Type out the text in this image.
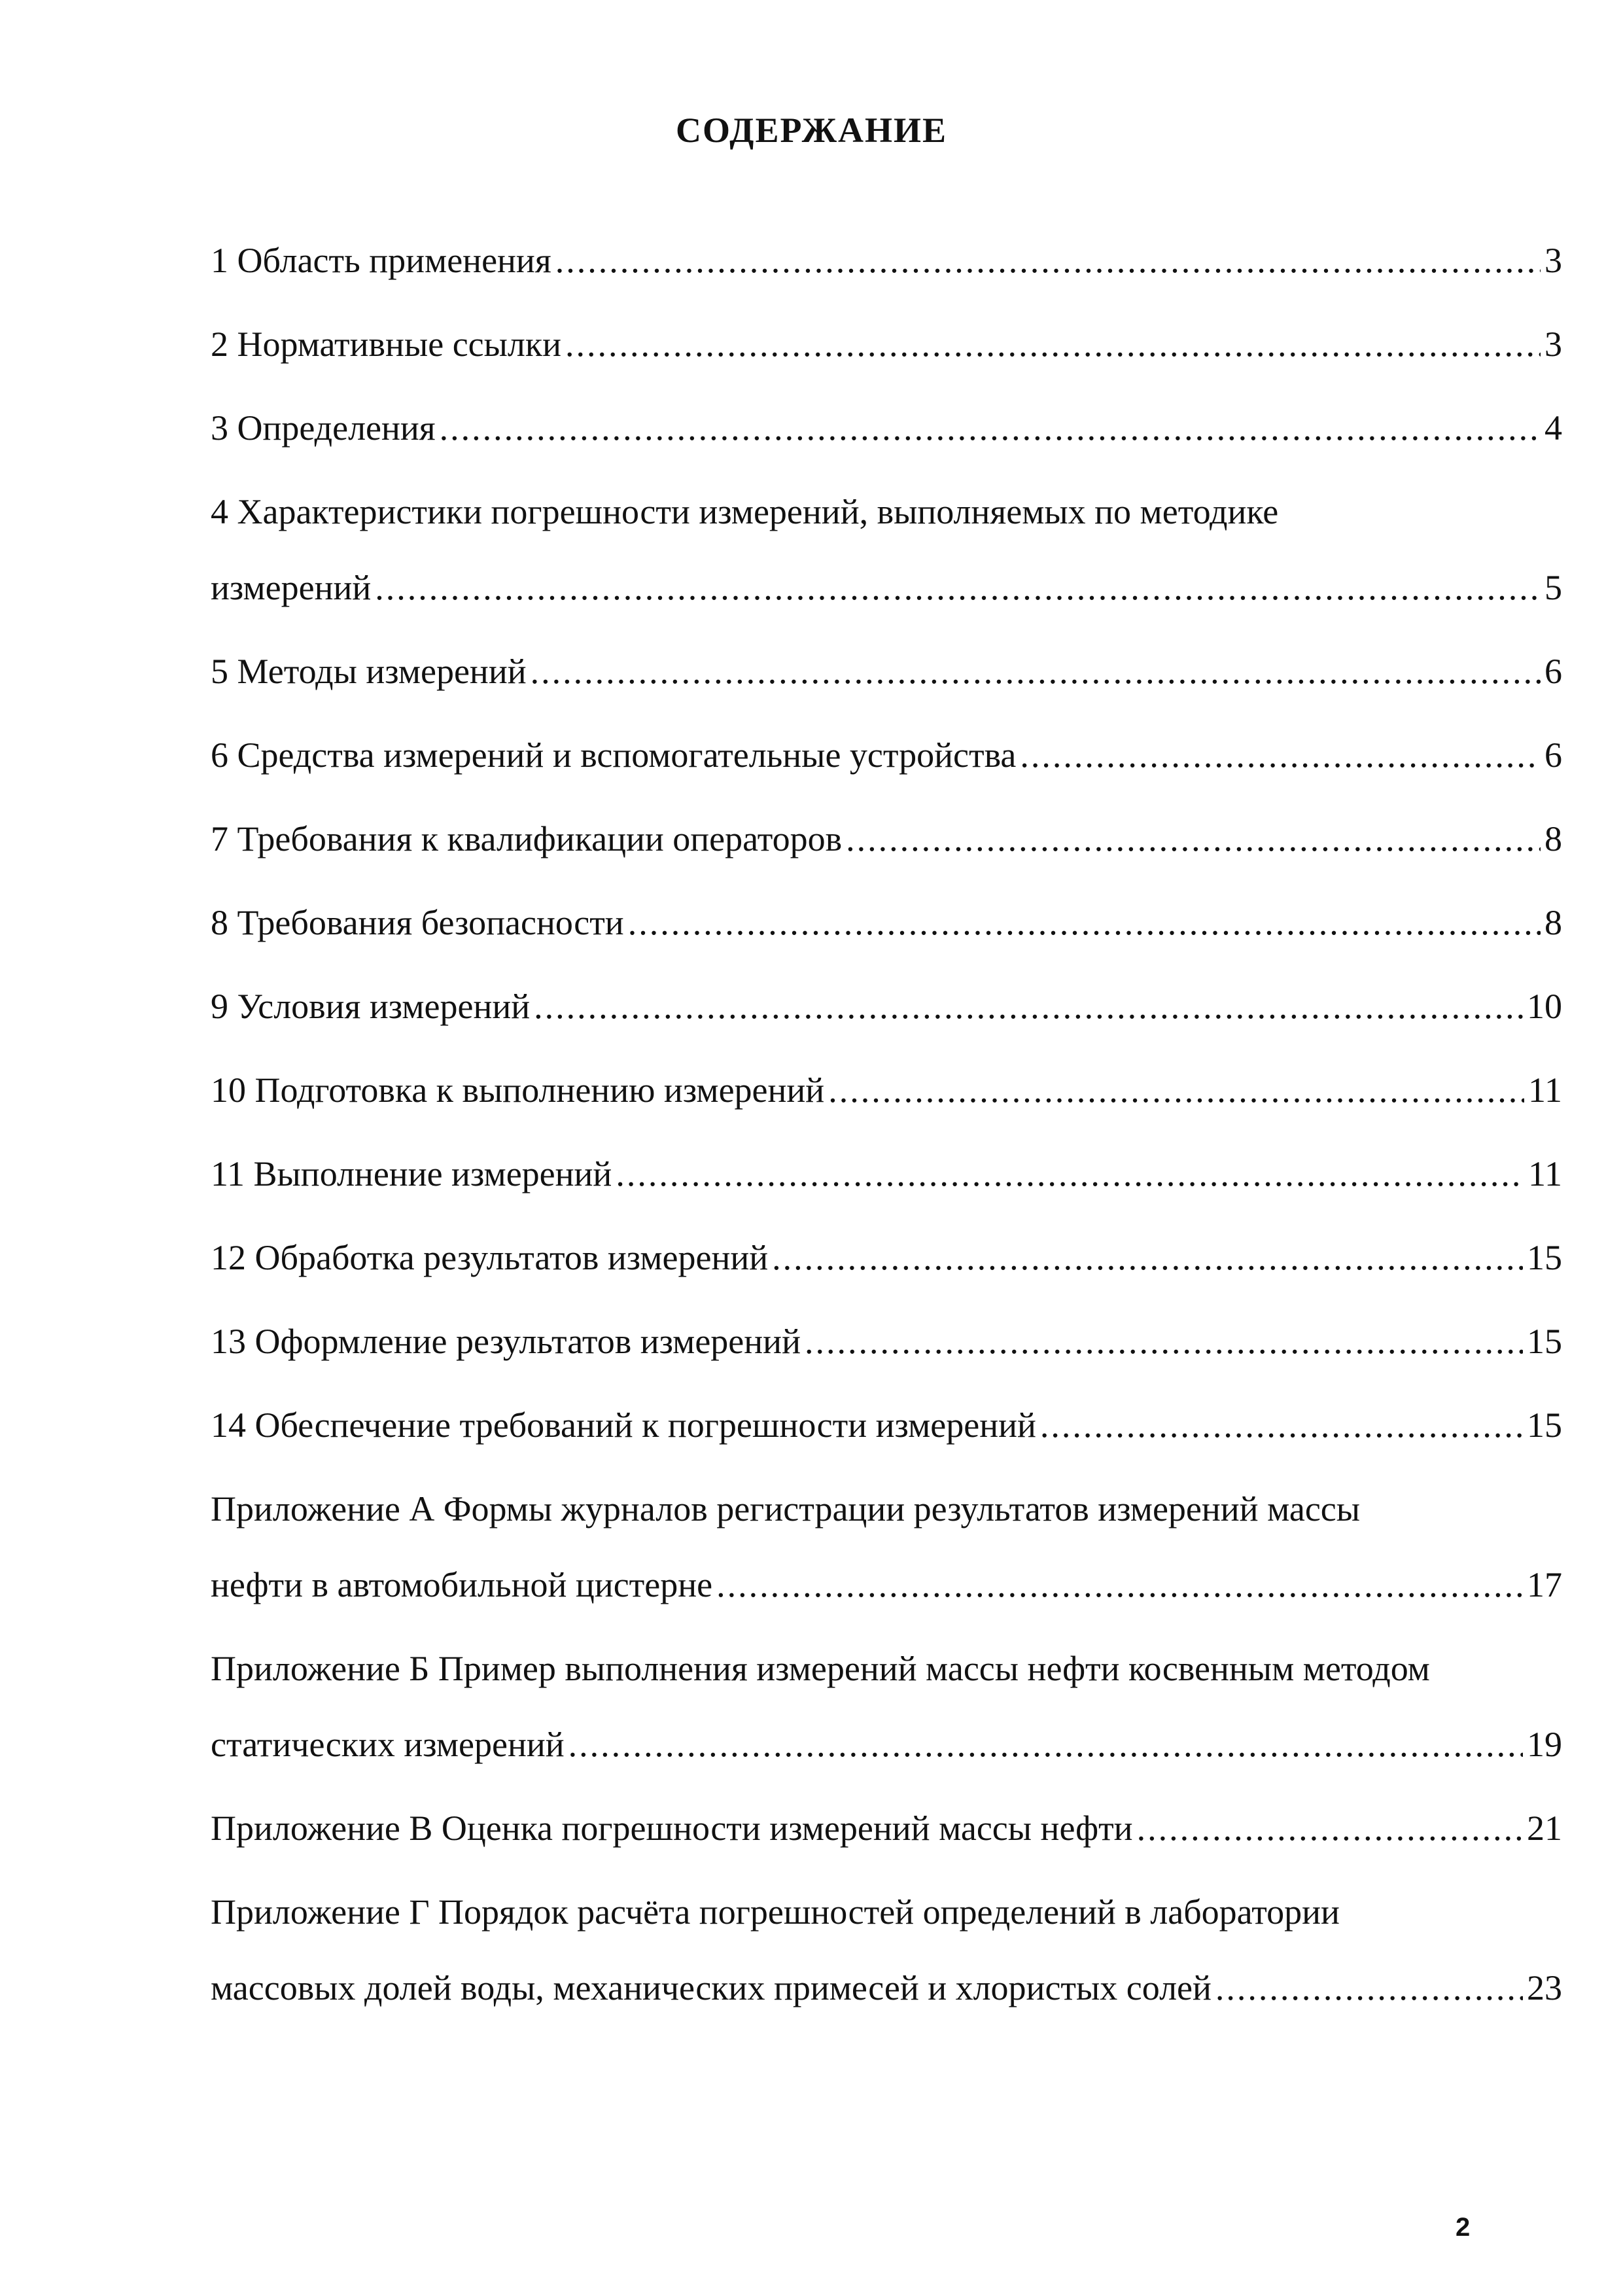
СОДЕРЖАНИЕ
1 Область применения .....	3
2 Нормативные ссылки .....	3
3 Определения .....	4
4 Характеристики погрешности измерений, выполняемых по методике
измерений .....	5
5 Методы измерений .....	6
6 Средства измерений и вспомогательные устройства .....	6
7 Требования к квалификации операторов .....	8
8 Требования безопасности .....	8
9 Условия измерений .....	10
10 Подготовка к выполнению измерений .....	11
11 Выполнение измерений .....	11
12 Обработка результатов измерений .....	15
13 Оформление результатов измерений .....	15
14 Обеспечение требований к погрешности измерений .....	15
Приложение А Формы журналов регистрации результатов измерений массы
нефти в автомобильной цистерне .....	17
Приложение Б Пример выполнения измерений массы нефти косвенным методом
статических измерений .....	19
Приложение В Оценка погрешности измерений массы нефти .....	21
Приложение Г Порядок расчёта погрешностей определений в лаборатории
массовых долей воды, механических примесей и хлористых солей .....	23
2
